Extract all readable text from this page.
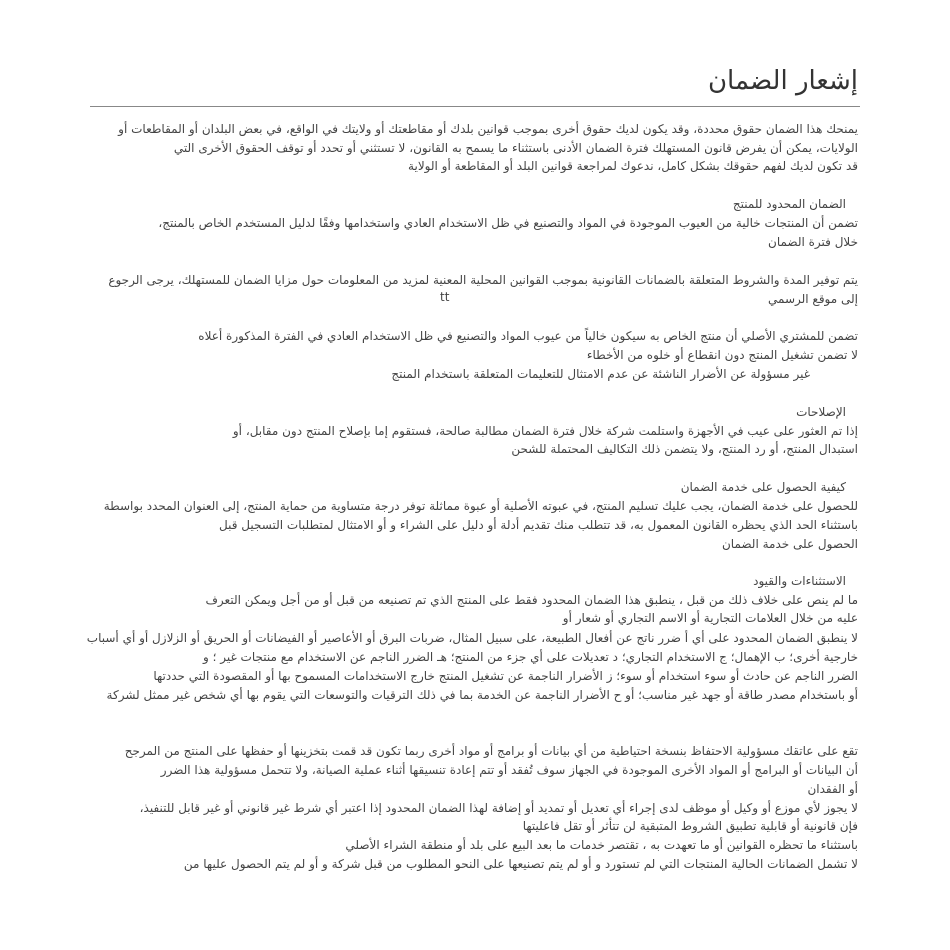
إشعار الضمان
يمنحك هذا الضمان حقوق محددة، وقد يكون لديك حقوق أخرى بموجب قوانين بلدك أو مقاطعتك أو ولايتك في الواقع، في بعض البلدان أو المقاطعات أو
الولايات، يمكن أن يفرض قانون المستهلك فترة الضمان الأدنى باستثناء ما يسمح به القانون، لا تستثني أو تحدد أو توقف الحقوق الأخرى التي
قد تكون لديك لفهم حقوقك بشكل كامل، ندعوك لمراجعة قوانين البلد أو المقاطعة أو الولاية
الضمان المحدود للمنتج
تضمن أن المنتجات خالية من العيوب الموجودة في المواد والتصنيع في ظل الاستخدام العادي واستخدامها وفقًا لدليل المستخدم الخاص بالمنتج،
خلال فترة الضمان
يتم توفير المدة والشروط المتعلقة بالضمانات القانونية بموجب القوانين المحلية المعنية لمزيد من المعلومات حول مزايا الضمان للمستهلك، يرجى الرجوع
إلى موقع الرسمي
tt
تضمن للمشتري الأصلي أن منتج الخاص به سيكون خالياً من عيوب المواد والتصنيع في ظل الاستخدام العادي في الفترة المذكورة أعلاه
لا تضمن تشغيل المنتج دون انقطاع أو خلوه من الأخطاء
غير مسؤولة عن الأضرار الناشئة عن عدم الامتثال للتعليمات المتعلقة باستخدام المنتج
الإصلاحات
إذا تم العثور على عيب في الأجهزة واستلمت شركة خلال فترة الضمان مطالبة صالحة، فستقوم إما بإصلاح المنتج دون مقابل، أو
استبدال المنتج، أو رد المنتج، ولا يتضمن ذلك التكاليف المحتملة للشحن
كيفية الحصول على خدمة الضمان
للحصول على خدمة الضمان، يجب عليك تسليم المنتج، في عبوته الأصلية أو عبوة مماثلة توفر درجة متساوية من حماية المنتج، إلى العنوان المحدد بواسطة
باستثناء الحد الذي يحظره القانون المعمول به، قد تتطلب منك تقديم أدلة أو دليل على الشراء و أو الامتثال لمتطلبات التسجيل قبل
الحصول على خدمة الضمان
الاستثناءات والقيود
ما لم ينص على خلاف ذلك من قبل ، ينطبق هذا الضمان المحدود فقط على المنتج الذي تم تصنيعه من قبل أو من أجل ويمكن التعرف
عليه من خلال العلامات التجارية أو الاسم التجاري أو شعار أو
لا ينطبق الضمان المحدود على أي أ ضرر ناتج عن أفعال الطبيعة، على سبيل المثال، ضربات البرق أو الأعاصير أو الفيضانات أو الحريق أو الزلازل أو أي أسباب
خارجية أخرى؛ ب الإهمال؛ ج الاستخدام التجاري؛ د تعديلات على أي جزء من المنتج؛ هـ الضرر الناجم عن الاستخدام مع منتجات غير ؛ و
الضرر الناجم عن حادث أو سوء استخدام أو سوء؛ ز الأضرار الناجمة عن تشغيل المنتج خارج الاستخدامات المسموح بها أو المقصودة التي حددتها
أو باستخدام مصدر طاقة أو جهد غير مناسب؛ أو ح الأضرار الناجمة عن الخدمة بما في ذلك الترقيات والتوسعات التي يقوم بها أي شخص غير ممثل لشركة
تقع على عاتقك مسؤولية الاحتفاظ بنسخة احتياطية من أي بيانات أو برامج أو مواد أخرى ربما تكون قد قمت بتخزينها أو حفظها على المنتج من المرجح
أن البيانات أو البرامج أو المواد الأخرى الموجودة في الجهاز سوف تُفقد أو تتم إعادة تنسيقها أثناء عملية الصيانة، ولا تتحمل مسؤولية هذا الضرر
أو الفقدان
لا يجوز لأي موزع أو وكيل أو موظف لدى إجراء أي تعديل أو تمديد أو إضافة لهذا الضمان المحدود إذا اعتبر أي شرط غير قانوني أو غير قابل للتنفيذ،
فإن قانونية أو قابلية تطبيق الشروط المتبقية لن تتأثر أو تقل فاعليتها
باستثناء ما تحظره القوانين أو ما تعهدت به ، تقتصر خدمات ما بعد البيع على بلد أو منطقة الشراء الأصلي
لا تشمل الضمانات الحالية المنتجات التي لم تستورد و أو لم يتم تصنيعها على النحو المطلوب من قبل شركة و أو لم يتم الحصول عليها من
